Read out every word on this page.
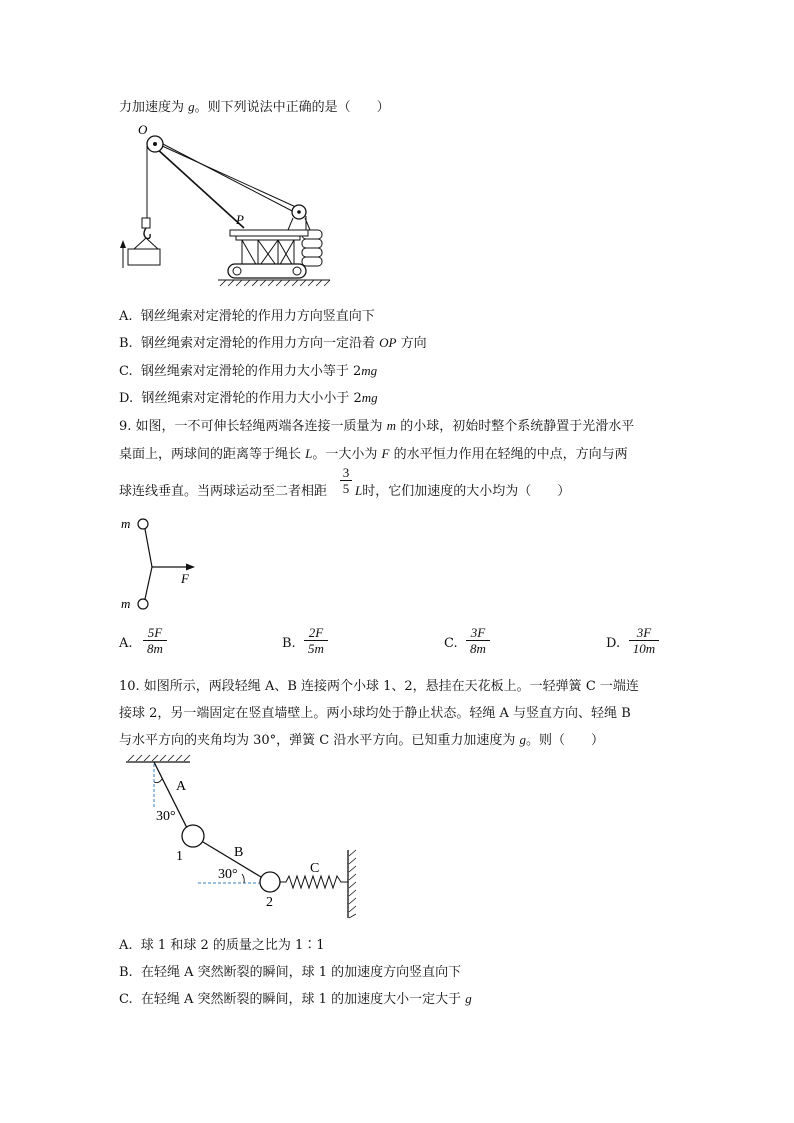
力加速度为 g。则下列说法中正确的是（　　）
O
P
A. 钢丝绳索对定滑轮的作用力方向竖直向下
B. 钢丝绳索对定滑轮的作用力方向一定沿着 OP 方向
C. 钢丝绳索对定滑轮的作用力大小等于 2mg
D. 钢丝绳索对定滑轮的作用力大小小于 2mg
9. 如图，一不可伸长轻绳两端各连接一质量为 m 的小球，初始时整个系统静置于光滑水平
桌面上，两球间的距离等于绳长 L。一大小为 F 的水平恒力作用在轻绳的中点，方向与两
球连线垂直。当两球运动至二者相距
3
5 L时，它们加速度的大小均为（　　）
m
m
F
A.
5F
8m	B.
2F
5m	C.
3F
8m	D.
3F
10m
10. 如图所示，两段轻绳 A、B 连接两个小球 1、2，悬挂在天花板上。一轻弹簧 C 一端连
接球 2，另一端固定在竖直墙壁上。两小球均处于静止状态。轻绳 A 与竖直方向、轻绳 B
与水平方向的夹角均为 30°，弹簧 C 沿水平方向。已知重力加速度为 g。则（　　）
A
30°
1	B
30°
2
C
A. 球 1 和球 2 的质量之比为 1∶1
B. 在轻绳 A 突然断裂的瞬间，球 1 的加速度方向竖直向下
C. 在轻绳 A 突然断裂的瞬间，球 1 的加速度大小一定大于 g
